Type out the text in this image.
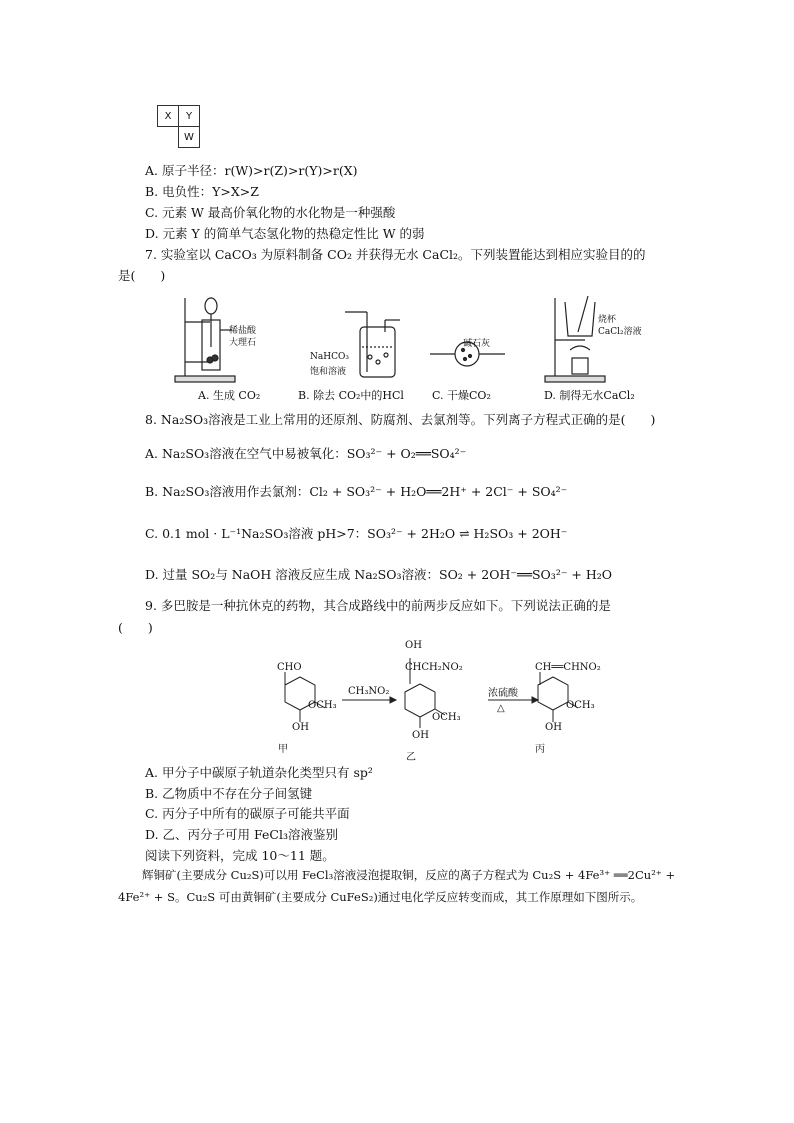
X	Y
	W
A. 原子半径：r(W)>r(Z)>r(Y)>r(X)
B. 电负性：Y>X>Z
C. 元素 W 最高价氧化物的水化物是一种强酸
D. 元素 Y 的简单气态氢化物的热稳定性比 W 的弱
7. 实验室以 CaCO₃ 为原料制备 CO₂ 并获得无水 CaCl₂。下列装置能达到相应实验目的的
是(　　)
稀盐酸
大理石
NaHCO₃
饱和溶液
碱石灰
烧杯
CaCl₂溶液
A. 生成 CO₂	B. 除去 CO₂中的HCl	C. 干燥CO₂	D. 制得无水CaCl₂
8. Na₂SO₃溶液是工业上常用的还原剂、防腐剂、去氯剂等。下列离子方程式正确的是(　　)
A. Na₂SO₃溶液在空气中易被氧化：SO₃²⁻ + O₂══SO₄²⁻
B. Na₂SO₃溶液用作去氯剂：Cl₂ + SO₃²⁻ + H₂O══2H⁺ + 2Cl⁻ + SO₄²⁻
C. 0.1 mol · L⁻¹Na₂SO₃溶液 pH>7：SO₃²⁻ + 2H₂O ⇌ H₂SO₃ + 2OH⁻
D. 过量 SO₂与 NaOH 溶液反应生成 Na₂SO₃溶液：SO₂ + 2OH⁻══SO₃²⁻ + H₂O
9. 多巴胺是一种抗休克的药物，其合成路线中的前两步反应如下。下列说法正确的是
(　　)
CHO
OCH₃
OH
甲
CH₃NO₂
OH
CHCH₂NO₂
OCH₃
OH
乙
浓硫酸
△
CH══CHNO₂
OCH₃
OH
丙
A. 甲分子中碳原子轨道杂化类型只有 sp²
B. 乙物质中不存在分子间氢键
C. 丙分子中所有的碳原子可能共平面
D. 乙、丙分子可用 FeCl₃溶液鉴别
阅读下列资料，完成 10～11 题。
辉铜矿(主要成分 Cu₂S)可以用 FeCl₃溶液浸泡提取铜，反应的离子方程式为 Cu₂S + 4Fe³⁺ ══2Cu²⁺ + 4Fe²⁺ + S。Cu₂S 可由黄铜矿(主要成分 CuFeS₂)通过电化学反应转变而成，其工作原理如下图所示。
